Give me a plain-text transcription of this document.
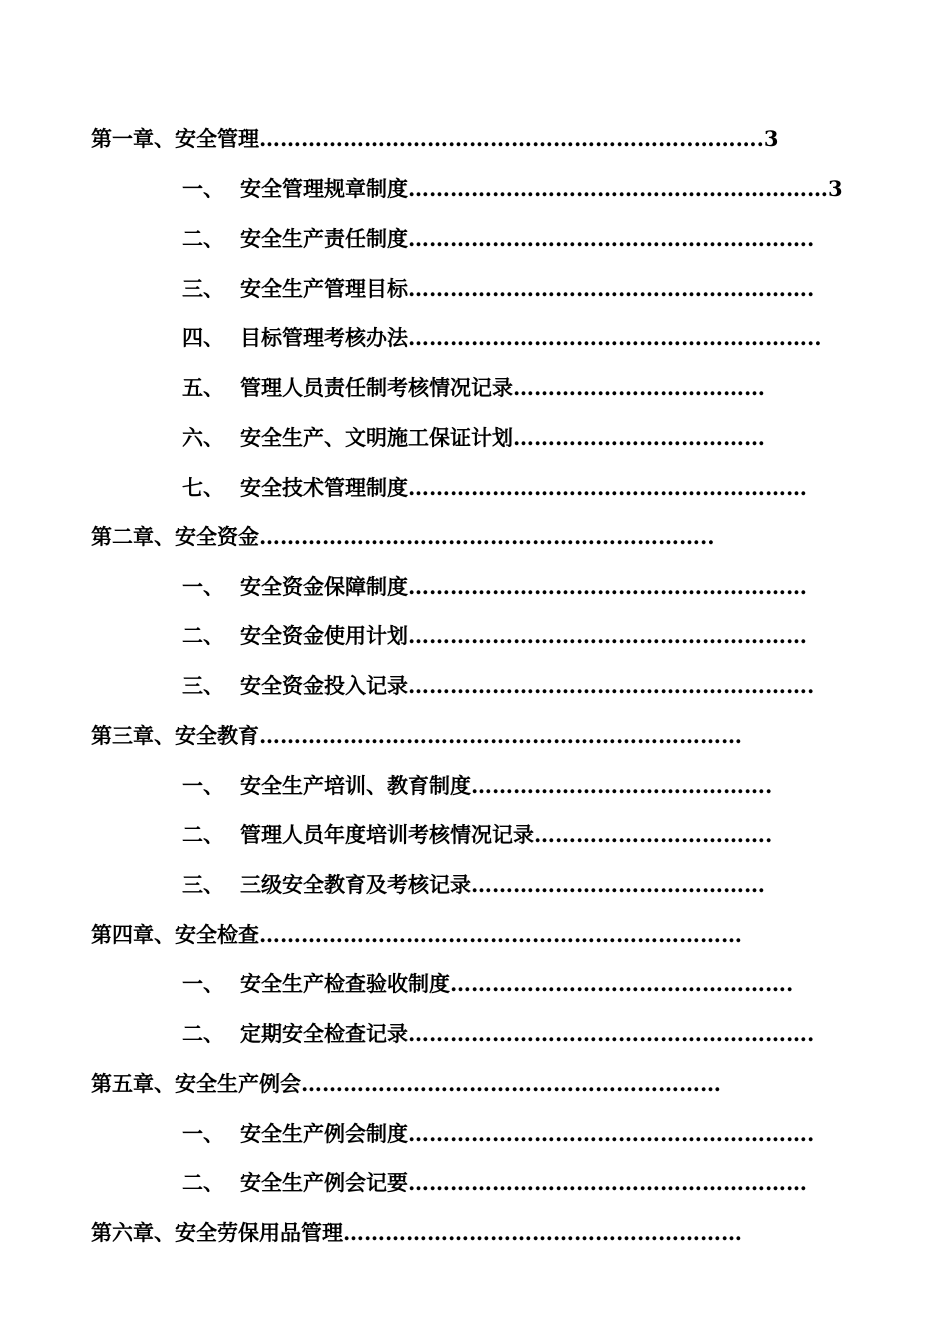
第一章、安全管理……………………………………………………..……….3
一、 安全管理规章制度……………………………………………………3
二、 安全生产责任制度………………………………………………….
三、 安全生产管理目标………………………………………………….
四、 目标管理考核办法…………………………………………………..
五、 管理人员责任制考核情况记录………………………………
六、 安全生产、文明施工保证计划………………………………
七、 安全技术管理制度…………………………………………………
第二章、安全资金………………………………………………………..
一、 安全资金保障制度…………………………………………………
二、 安全资金使用计划…………………………………………………
三、 安全资金投入记录………………………………………………….
第三章、安全教育……………………………………………………………
一、 安全生产培训、教育制度…………………………………….
二、 管理人员年度培训考核情况记录…………………………….
三、 三级安全教育及考核记录……………………………………
第四章、安全检查……………………………………………………………
一、 安全生产检查验收制度………………………………………….
二、 定期安全检查记录………………………………………………….
第五章、安全生产例会……………………………………………………
一、 安全生产例会制度………………………………………………….
二、 安全生产例会记要…………………………………………………
第六章、安全劳保用品管理…………………………………………………
